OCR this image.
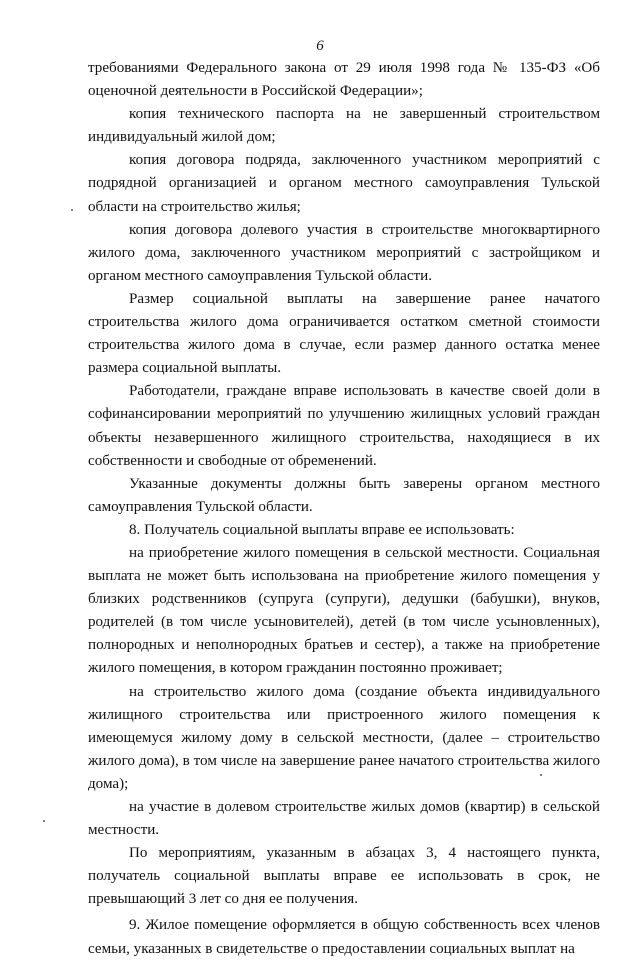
6

требованиями Федерального закона от 29 июля 1998 года № 135-ФЗ «Об оценочной деятельности в Российской Федерации»;

копия технического паспорта на не завершенный строительством индивидуальный жилой дом;

копия договора подряда, заключенного участником мероприятий с подрядной организацией и органом местного самоуправления Тульской области на строительство жилья;

копия договора долевого участия в строительстве многоквартирного жилого дома, заключенного участником мероприятий с застройщиком и органом местного самоуправления Тульской области.

Размер социальной выплаты на завершение ранее начатого строительства жилого дома ограничивается остатком сметной стоимости строительства жилого дома в случае, если размер данного остатка менее размера социальной выплаты.

Работодатели, граждане вправе использовать в качестве своей доли в софинансировании мероприятий по улучшению жилищных условий граждан объекты незавершенного жилищного строительства, находящиеся в их собственности и свободные от обременений.

Указанные документы должны быть заверены органом местного самоуправления Тульской области.

8. Получатель социальной выплаты вправе ее использовать:

на приобретение жилого помещения в сельской местности. Социальная выплата не может быть использована на приобретение жилого помещения у близких родственников (супруга (супруги), дедушки (бабушки), внуков, родителей (в том числе усыновителей), детей (в том числе усыновленных), полнородных и неполнородных братьев и сестер), а также на приобретение жилого помещения, в котором гражданин постоянно проживает;

на строительство жилого дома (создание объекта индивидуального жилищного строительства или пристроенного жилого помещения к имеющемуся жилому дому в сельской местности, (далее – строительство жилого дома), в том числе на завершение ранее начатого строительства жилого дома);

на участие в долевом строительстве жилых домов (квартир) в сельской местности.

По мероприятиям, указанным в абзацах 3, 4 настоящего пункта, получатель социальной выплаты вправе ее использовать в срок, не превышающий 3 лет со дня ее получения.

9. Жилое помещение оформляется в общую собственность всех членов семьи, указанных в свидетельстве о предоставлении социальных выплат на
